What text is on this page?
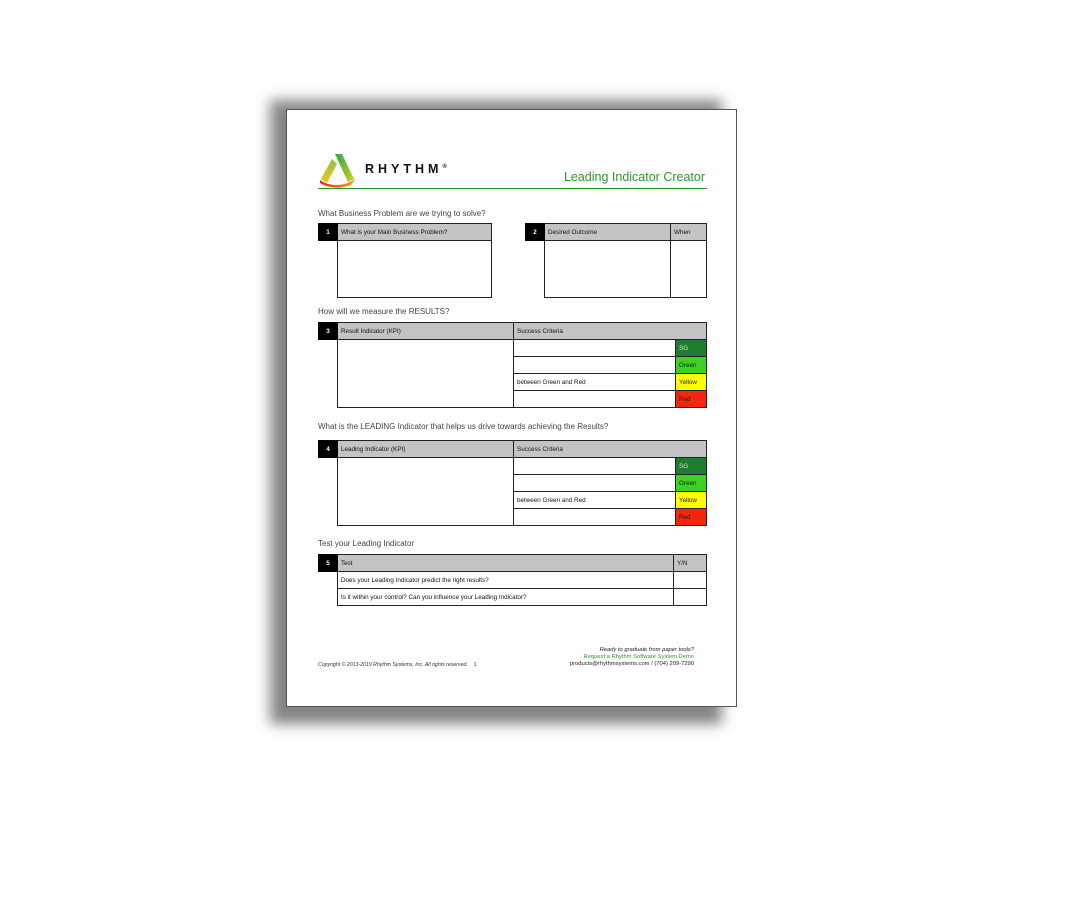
RHYTHM®
Leading Indicator Creator
What Business Problem are we trying to solve?
1	What is your Main Business Problem?
		2	Desired Outcome	When

How will we measure the RESULTS?
3	Result Indicator (KPI)	Success Criteria	
			SG
			Green
		between Green and Red	Yellow
			Red
What is the LEADING Indicator that helps us drive towards achieving the Results?
4	Leading Indicator (KPI)	Success Criteria	
			SG
			Green
		between Green and Red	Yellow
			Red
Test your Leading Indicator
5	Test	Y/N
	Does your Leading Indicator predict the right results?	
	Is it within your control? Can you influence your Leading Indicator?	
Copyright © 2013-2019 Rhythm Systems, Inc. All rights reserved. 1
Ready to graduate from paper tools?
Request a Rhythm Software System Demo
products@rhythmsystems.com / (704) 209-7290
